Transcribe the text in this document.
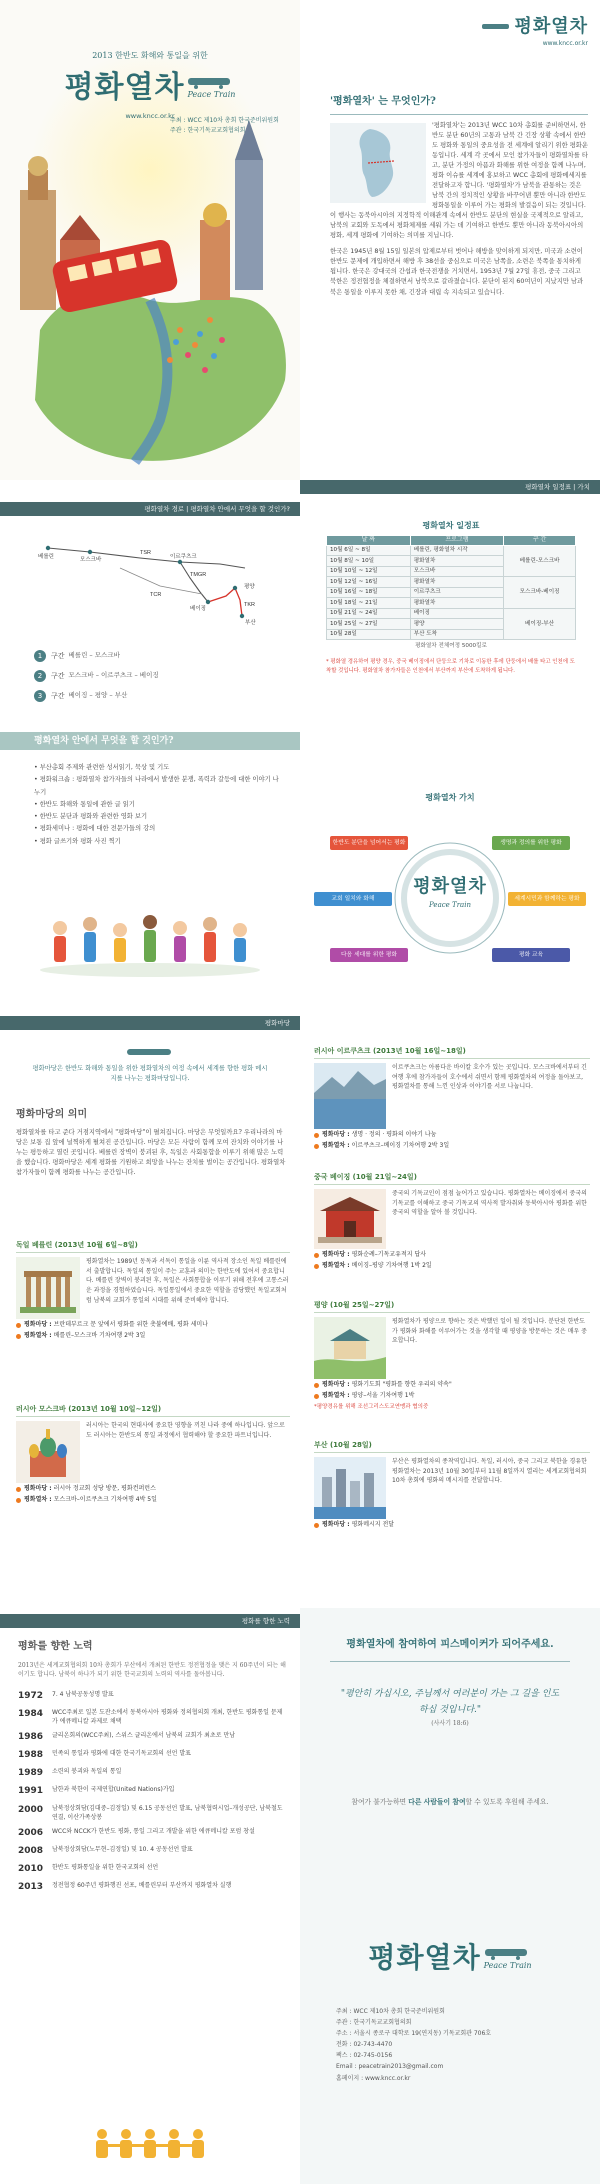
2013 한반도 화해와 통일을 위한
평화열차 Peace Train
www.kncc.or.kr
주최 : WCC 제10차 총회 한국준비위원회
주관 : 한국기독교교회협의회
평화열차
www.kncc.or.kr
'평화열차' 는 무엇인가?
'평화열차'는 2013년 WCC 10차 총회를 준비하면서, 한반도 분단 60년의 고통과 남북 간 긴장 상황 속에서 한반도 평화와 통일의 중요성을 전 세계에 알리기 위한 평화운동입니다. 세계 각 곳에서 모인 참가자들이 평화열차를 타고, 분단 가정의 아픔과 화해를 위한 여정을 함께 나누며, 평화 이슈를 세계에 홍보하고 WCC 총회에 평화메세지를 전달하고자 합니다. '평화열차'가 남북을 관통하는 것은 남북 간의 정치적인 상황을 바꾸어낸 뿐만 아니라 한반도 평화통일을 이루어 가는 평화의 발걸음이 되는 것입니다. 이 행사는 동북아시아의 지정학적 이해관계 속에서 한반도 분단의 현실을 국제적으로 알리고, 남북의 교회와 도독에서 평화체제를 세워 가는 데 기여하고 한반도 뿐만 아니라 동북아시아의 평화, 세계 평화에 기여하는 의미를 지닙니다.
한국은 1945년 8월 15일 일본의 압제로부터 벗어나 해방을 맞이하게 되지만, 미국과 소련이 한반도 문제에 개입하면서 해방 후 38선을 중심으로 미국은 남쪽을, 소련은 북쪽을 통치하게 됩니다. 한국은 강대국의 간섭과 한국전쟁을 거치면서, 1953년 7월 27일 휴전, 중국 그리고 북한은 정전협정을 체결하면서 남북으로 갈라졌습니다. 분단이 된지 60여년이 지났지만 남과 북은 통일을 이루지 못한 채, 긴장과 대립 속 지속되고 있습니다.
평화열차 경로 | 평화열차 안에서 무엇을 할 것인가?
TSR
TMGR
TCR
TKR
베를린	모스크바	이르쿠츠크
베이징
평양
부산
1	구간 베를린 – 모스크바
2	구간 모스크바 – 이르쿠츠크 – 베이징
3	구간 베이징 – 평양 – 부산
평화열차 안에서 무엇을 할 것인가?
• 부산총회 주제와 관련한 성서읽기, 묵상 및 기도
• 평화워크숍 : 평화열차 참가자들의 나라에서 발생한 분쟁, 폭력과 갈등에 대한 이야기 나누기
• 한반도 화해와 통일에 관한 글 읽기
• 한반도 분단과 평화와 관련한 영화 보기
• 평화세미나 : 평화에 대한 전문가들의 강의
• 평화 글쓰기와 평화 사진 찍기
평화열차 일정표 | 가치
평화열차 일정표
날 짜	프로그램	구 간
10월 6일 ~ 8일	베를린, 평화열차 시작	베를린-모스크바
10월 8일 ~ 10일	평화열차	
10월 10일 ~ 12일	모스크바	
10월 12일 ~ 16일	평화열차	모스크바-베이징
10월 16일 ~ 18일	이르쿠츠크	
10월 18일 ~ 21일	평화열차	
10월 21일 ~ 24일	베이징	베이징-부산
10월 25일 ~ 27일	평양	
10월 28일	부산 도착	
평화열차 전체여정 5000킬로
* 평화열 경유하여 평양 경우, 중국 베이징에서 단둥으로 기차로 이동한 후에 단둥에서 배를 타고 인천에 도착할 것입니다. 평화열차 참가자들은 인천에서 부산까지 부산에 도착하게 됩니다.
평화열차 가치
평화열차
Peace Train
한반도 분단을 넘어서는 평화	생명과 정의를 위한 평화
교회 일치와 화해	세계시민과 함께하는 평화
다음 세대를 위한 평화	평화 교육
평화마당
평화마당은 한반도 화해와 통일을 위한 평화열차의 여정 속에서 세계를 향한 평화 메시지를 나누는 평화마당입니다.
평화마당의 의미
평화열차를 타고 준다 거점지역에서 "평화마당"이 펼쳐집니다. 마당은 무엇일까요? 우리나라의 마당은 보통 집 앞에 널찍하게 펼쳐진 공간입니다. 마당은 모든 사람이 함께 모여 잔치와 이야기를 나누는 평등하고 열린 곳입니다. 베를린 장벽이 붕괴된 후, 독일은 사회통합을 이루기 위해 많은 노력을 했습니다. 평화마당은 세계 평화를 기원하고 희망을 나누는 잔치를 벌이는 공간입니다. 평화열차 참가자들이 함께 평화를 나누는 공간입니다.
독일 베를린 (2013년 10월 6일~8일)
평화열차는 1989년 동독과 서독이 통일을 이룬 역사적 장소인 독일 베를린에서 출발합니다. 독일의 통일이 주는 교훈과 의미는 한반도에 있어서 중요합니다. 베를린 장벽이 붕괴된 후, 독일은 사회통합을 이루기 위해 전후에 고통스러운 과정을 경험하였습니다. 독일통일에서 중요한 역할을 감당했던 독일교회처럼 남북의 교회가 통일의 시대를 위해 준비해야 합니다.
평화마당 :
브란데부르크 문 앞에서 평화를 위한 촛불예배, 평화 세미나
평화열차 :
베를린–모스크바 기차여행 2박 3일
러시아 모스크바 (2013년 10월 10일~12일)
러시아는 한국의 현대사에 중요한 영향을 끼친 나라 중에 하나입니다. 앞으로도 러시아는 한반도의 통일 과정에서 협력해야 할 중요한 파트너입니다.
평화마당 :
러시아 정교회 성당 방문, 평화컨퍼런스
평화열차 :
모스크바–이르쿠츠크 기차여행 4박 5일
러시아 이르쿠츠크 (2013년 10월 16일~18일)
이르쿠츠크는 아름다운 바이칼 호수가 있는 곳입니다. 모스크바에서부터 긴 여행 후에 참가자들이 호수에서 쉬면서 함께 평화열차의 여정을 돌아보고, 평화열차를 통해 느낀 인상과 이야기를 서로 나눕니다.
평화마당 :
생명 · 정의 · 평화의 이야기 나눔
평화열차 :
이르쿠츠크–베이징 기차여행 2박 3일
중국 베이징 (10월 21일~24일)
중국의 기독교인이 점점 늘어가고 있습니다. 평화열차는 베이징에서 중국의 기독교를 이해하고 중국 기독교의 역사적 발자취와 동북아시아 평화를 위한 중국의 역할을 알아 볼 것입니다.
평화마당 :
평화순례–기독교유적지 답사
평화열차 :
베이징–평양 기차여행 1박 2일
평양 (10월 25일~27일)
평화열차가 평양으로 향하는 것은 박했던 일이 될 것입니다. 분단된 한반도가 평화와 화해를 이루어가는 것을 생각할 때 평양을 방문하는 것은 매우 중요합니다.
평화마당 :
평화기도회 "평화를 향한 우리의 약속"
평화열차 :
평양–서울 기차여행 1박
*평양경유를 위해 조선그리스도교연맹과 협의중
부산 (10월 28일)
부산은 평화열차의 종착역입니다. 독일, 러시아, 중국 그리고 북한을 경유한 평화열차는 2013년 10월 30일부터 11월 8일까지 열리는 세계교회협의회 10차 총회에 평화의 메시지를 전달합니다.
평화마당 :
평화메시지 전달
평화를 향한 노력
평화를 향한 노력
2013년은 세계교회협의회 10차 총회가 부산에서 개최된 한반도 정전협정을 맺은 지 60주년이 되는 해이기도 합니다. 남북이 하나가 되기 위한 한국교회의 노력의 역사를 돌아봅니다.
1972	7. 4 남북공동성명 발표
1984	WCC주최로 일본 도잔소에서 동북아시아 평화와 정의협의회 개최, 한반도 평화통일 문제가 에큐메니칼 과제로 채택
1986	글리온회의(WCC주최), 스위스 글리온에서 남북의 교회가 최초로 만남
1988	민족의 통일과 평화에 대한 한국기독교회의 선언 발표
1989	소련의 붕괴와 독일의 통일
1991	남한과 북한이 국제연합(United Nations)가입
2000	남북정상회담(김대중–김정일) 및 6.15 공동선언 발표, 남북협력시업–개성공단, 남북철도연결, 이산가족상봉
2006	WCC와 NCCK가 한반도 평화, 통일 그리고 개발을 위한 에큐메니칼 포럼 창설
2008	남북정상회담(노무현–김정일) 및 10. 4 공동선언 발표
2010	한반도 평화통일을 위한 한국교회의 선언
2013	정전협정 60주년 평화행진 선포, 베를린부터 부산까지 평화열차 실행
평화열차에 참여하여 피스메이커가 되어주세요.
"평안히 가십시오, 주님께서 여러분이 가는 그 길을 인도하십 것입니다."
(사사기 18:6)
참여가 불가능하면 다른 사람들이 참여할 수 있도록 후원해 주세요.
평화열차 Peace Train
주최 : WCC 제10차 총회 한국준비위원회
주관 : 한국기독교교회협의회
주소 : 서울시 종로구 대학로 19(연지동) 기독교회관 706호
전화 : 02-743-4470
팩스 : 02-745-0156
Email : peacetrain2013@gmail.com
홈페이지 : www.kncc.or.kr
